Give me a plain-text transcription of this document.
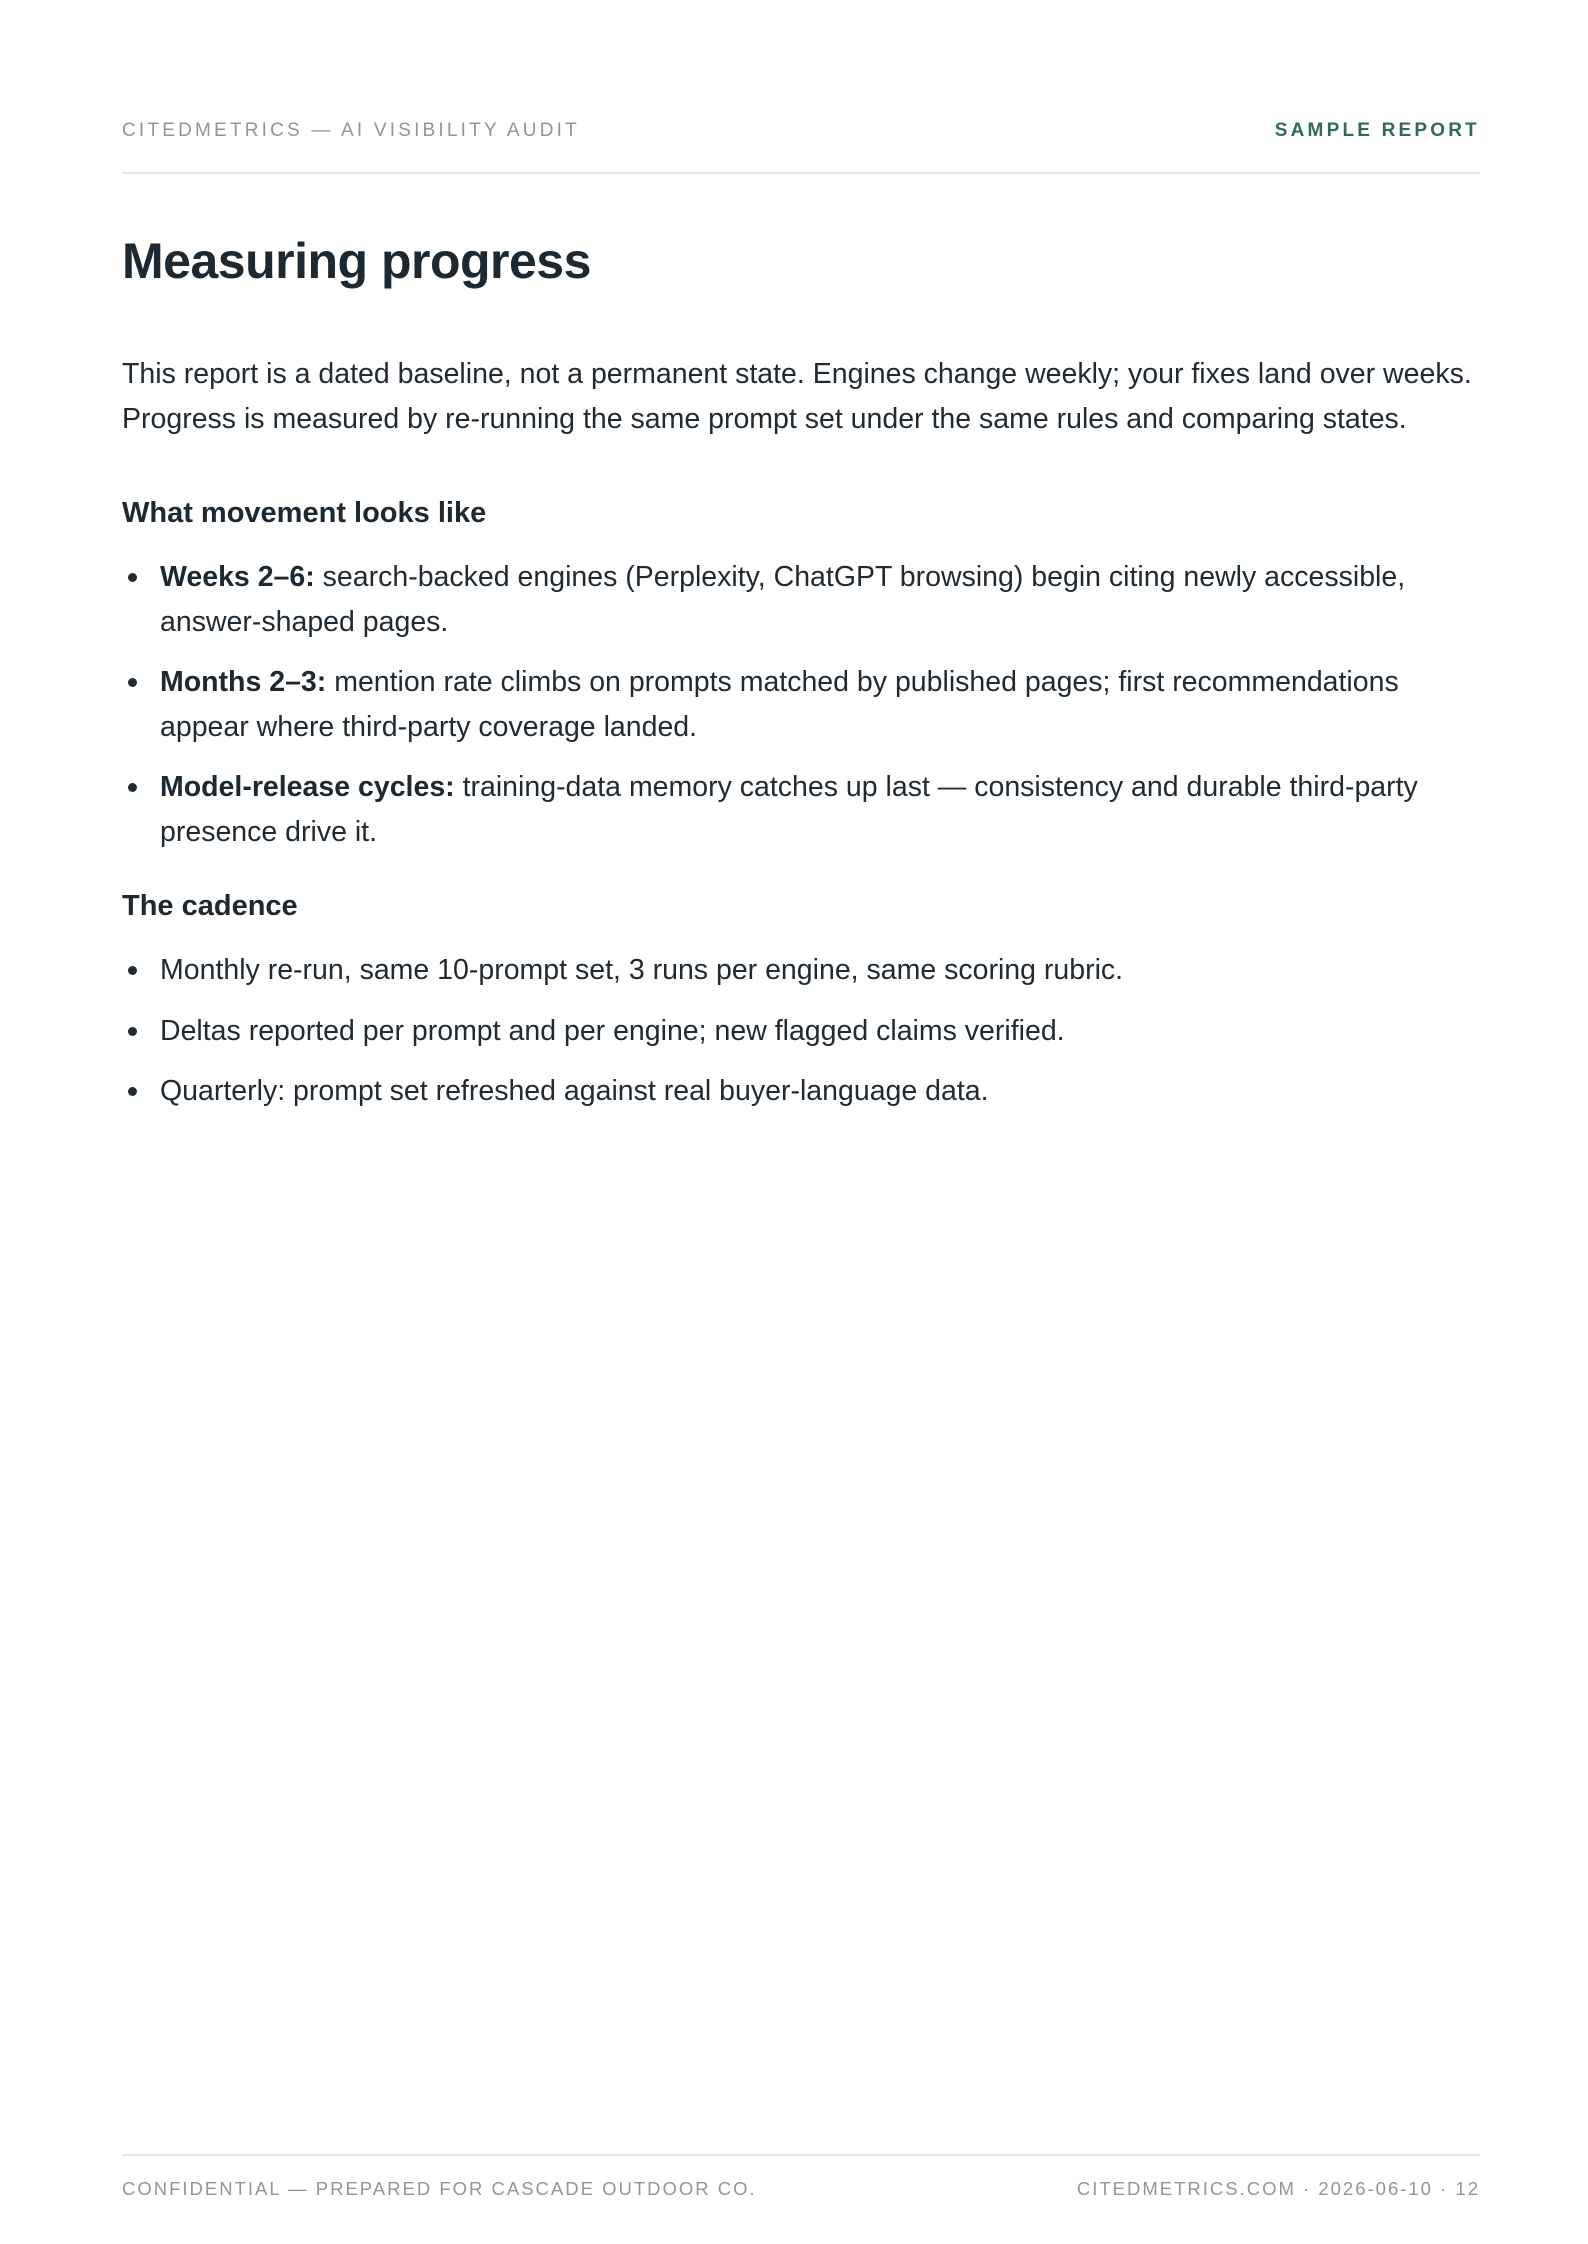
CITEDMETRICS — AI VISIBILITY AUDIT	SAMPLE REPORT
Measuring progress

This report is a dated baseline, not a permanent state. Engines change weekly; your fixes land over weeks. Progress is measured by re-running the same prompt set under the same rules and comparing states.

What movement looks like
Weeks 2–6: search-backed engines (Perplexity, ChatGPT browsing) begin citing newly accessible, answer-shaped pages.
Months 2–3: mention rate climbs on prompts matched by published pages; first recommendations appear where third-party coverage landed.
Model-release cycles: training-data memory catches up last — consistency and durable third-party presence drive it.
The cadence
Monthly re-run, same 10-prompt set, 3 runs per engine, same scoring rubric.
Deltas reported per prompt and per engine; new flagged claims verified.
Quarterly: prompt set refreshed against real buyer-language data.
CONFIDENTIAL — PREPARED FOR CASCADE OUTDOOR CO.	CITEDMETRICS.COM · 2026-06-10 · 12
